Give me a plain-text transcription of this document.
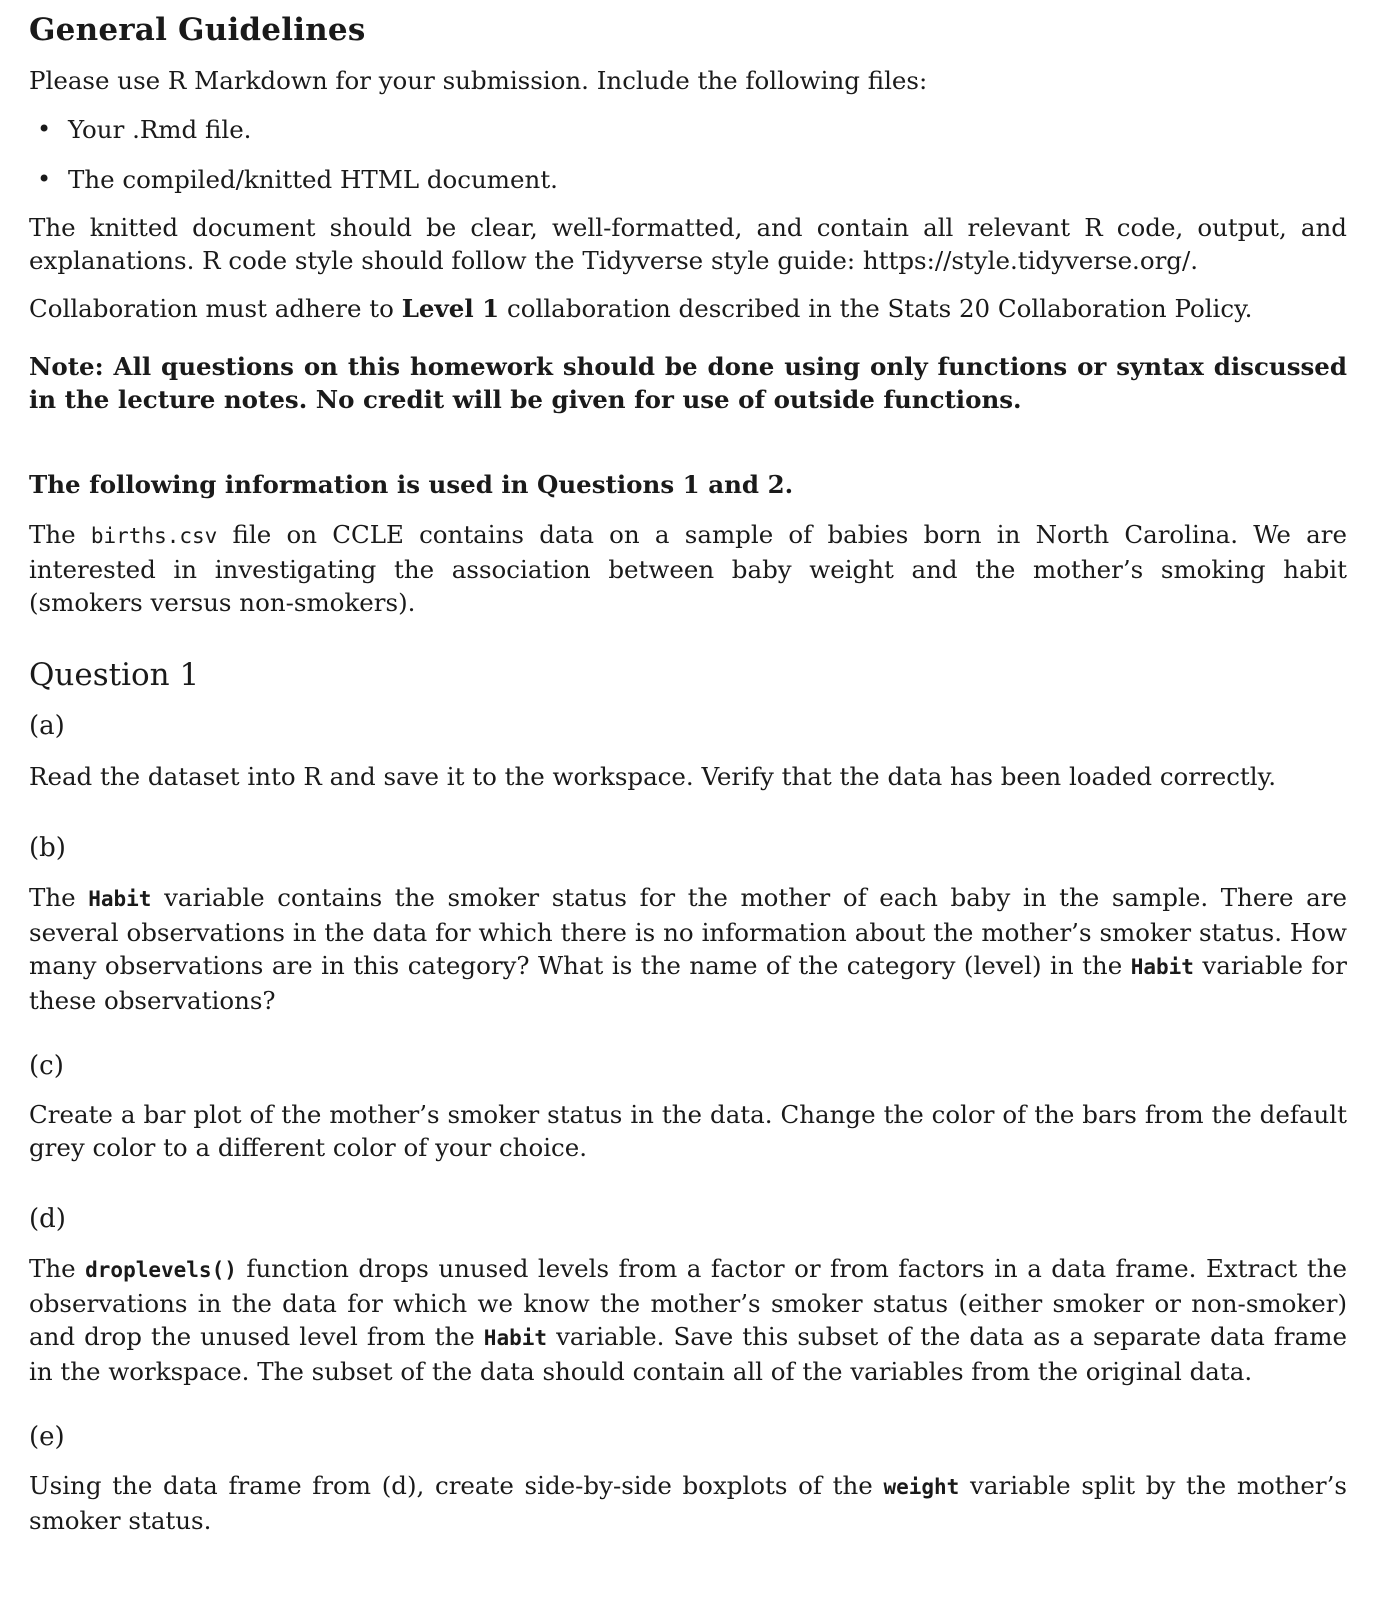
General Guidelines

Please use R Markdown for your submission. Include the following files:

• Your .Rmd file.
• The compiled/knitted HTML document.

The knitted document should be clear, well-formatted, and contain all relevant R code, output, and explanations. R code style should follow the Tidyverse style guide: https://style.tidyverse.org/.

Collaboration must adhere to Level 1 collaboration described in the Stats 20 Collaboration Policy.

Note: All questions on this homework should be done using only functions or syntax discussed in the lecture notes. No credit will be given for use of outside functions.

The following information is used in Questions 1 and 2.

The births.csv file on CCLE contains data on a sample of babies born in North Carolina. We are interested in investigating the association between baby weight and the mother’s smoking habit (smokers versus non-smokers).

Question 1
(a)

Read the dataset into R and save it to the workspace. Verify that the data has been loaded correctly.

(b)

The Habit variable contains the smoker status for the mother of each baby in the sample. There are several observations in the data for which there is no information about the mother’s smoker status. How many observations are in this category? What is the name of the category (level) in the Habit variable for these observations?

(c)

Create a bar plot of the mother’s smoker status in the data. Change the color of the bars from the default grey color to a different color of your choice.

(d)

The droplevels() function drops unused levels from a factor or from factors in a data frame. Extract the observations in the data for which we know the mother’s smoker status (either smoker or non-smoker) and drop the unused level from the Habit variable. Save this subset of the data as a separate data frame in the workspace. The subset of the data should contain all of the variables from the original data.

(e)

Using the data frame from (d), create side-by-side boxplots of the weight variable split by the mother’s smoker status.
